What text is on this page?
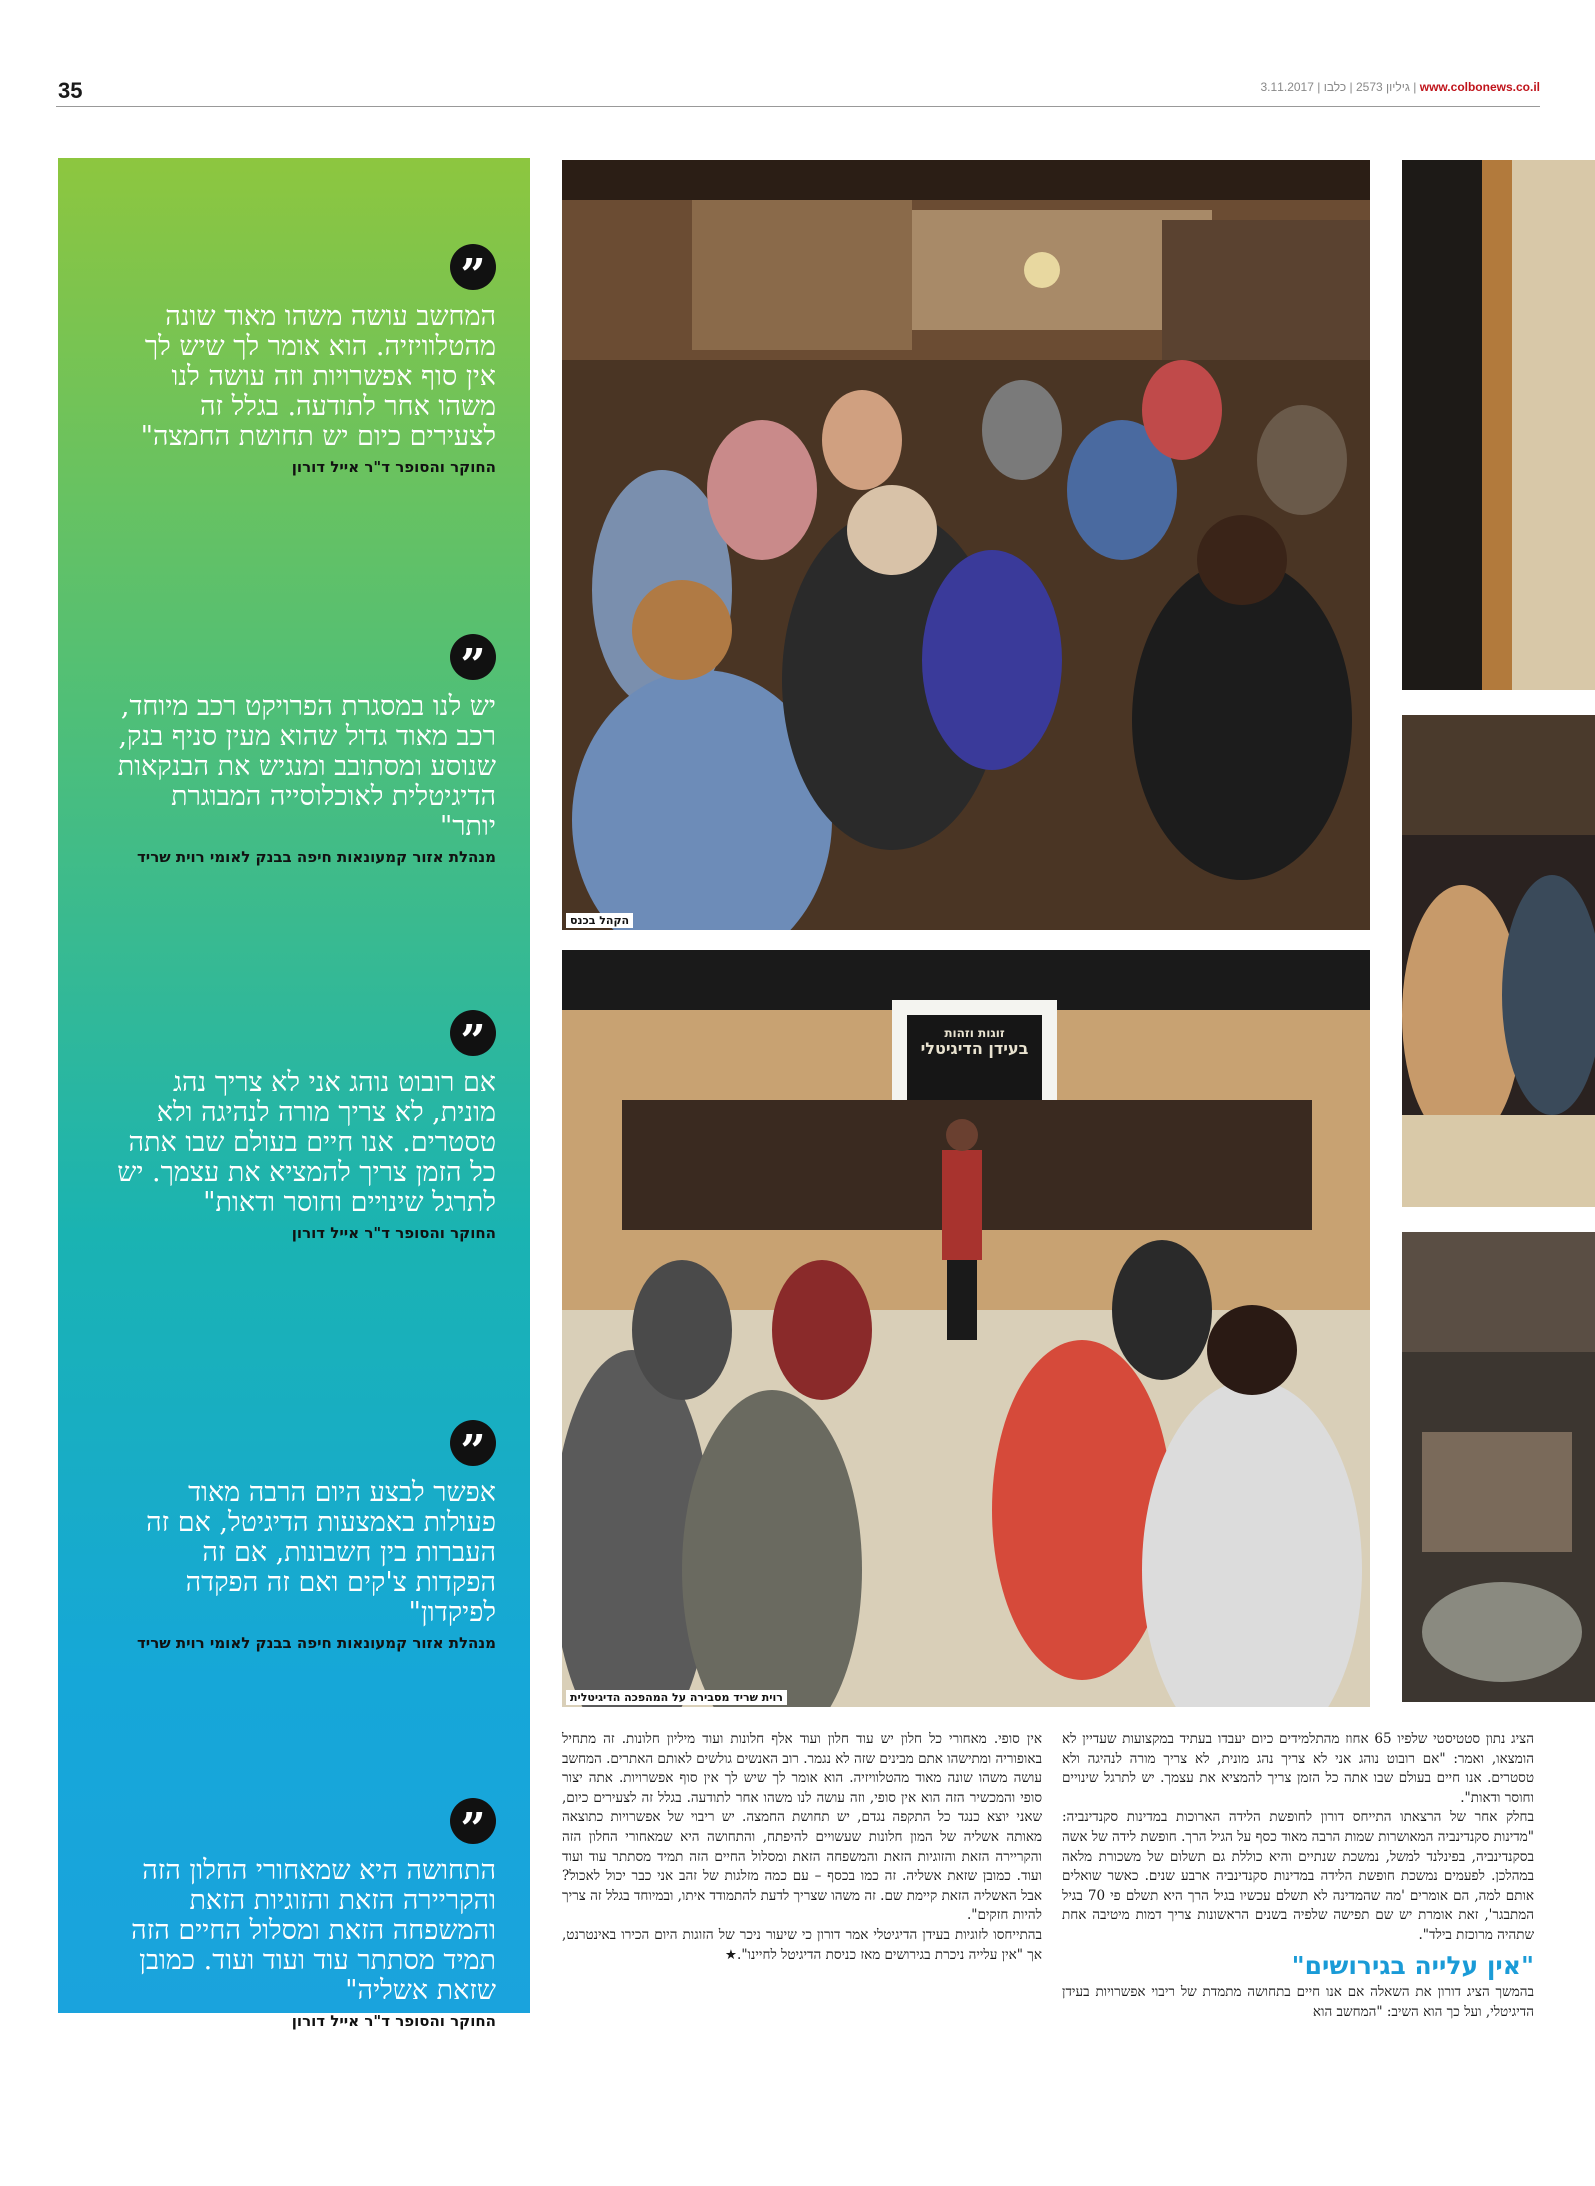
35	3.11.2017 |	גיליון 2573 | כלבו	| www.colbonews.co.il
”
המחשב עושה משהו מאוד שונה מהטלוויזיה. הוא אומר לך שיש לך אין סוף אפשרויות וזה עושה לנו משהו אחר לתודעה. בגלל זה לצעירים כיום יש תחושת החמצה"
החוקר והסופר ד"ר אייל דורון
”
יש לנו במסגרת הפרויקט רכב מיוחד, רכב מאוד גדול שהוא מעין סניף בנק, שנוסע ומסתובב ומנגיש את הבנקאות הדיגיטלית לאוכלוסייה המבוגרת יותר"
מנהלת אזור קמעונאות חיפה בבנק לאומי רוית שריד
”
אם רובוט נוהג אני לא צריך נהג מונית, לא צריך מורה לנהיגה ולא טסטרים. אנו חיים בעולם שבו אתה כל הזמן צריך להמציא את עצמך. יש לתרגל שינויים וחוסר ודאות"
החוקר והסופר ד"ר אייל דורון
”
אפשר לבצע היום הרבה מאוד פעולות באמצעות הדיגיטל, אם זה העברות בין חשבונות, אם זה הפקדות צ'קים ואם זה הפקדה לפיקדון"
מנהלת אזור קמעונאות חיפה בבנק לאומי רוית שריד
”
התחושה היא שמאחורי החלון הזה והקריירה הזאת והזוגיות הזאת והמשפחה הזאת ומסלול החיים הזה תמיד מסתתר עוד ועוד ועוד. כמובן שזאת אשליה"
החוקר והסופר ד"ר אייל דורון
הקהל בכנס
זוגות וזהות
בעידן הדיגיטלי
רוית שריד מסבירה על המהפכה הדיגיטלית

הציג נתון סטטיסטי שלפיו 65 אחוז מהתלמידים כיום יעבדו בעתיד במקצועות שעדיין לא הומצאו, ואמר: "אם רובוט נוהג אני לא צריך נהג מונית, לא צריך מורה לנהיגה ולא טסטרים. אנו חיים בעולם שבו אתה כל הזמן צריך להמציא את עצמך. יש לתרגל שינויים וחוסר ודאות".

בחלק אחר של הרצאתו התייחס דורון לחופשת הלידה הארוכות במדינות סקנדינביה: "מדינות סקנדינביה המאושרות שמות הרבה מאוד כסף על הגיל הרך. חופשת לידה של אשה בסקנדינביה, בפינלנד למשל, נמשכת שנתיים והיא כוללת גם תשלום של משכורת מלאה במהלכן. לפעמים נמשכת חופשת הלידה במדינות סקנדינביה ארבע שנים. כאשר שואלים אותם למה, הם אומרים 'מה שהמדינה לא תשלם עכשיו בגיל הרך היא תשלם פי 70 בגיל המתבגר', זאת אומרת יש שם תפישה שלפיה בשנים הראשונות צריך דמות מיטיבה אחת שתהיה מרוכזת בילד".

"אין עלייה בגירושים"

בהמשך הציג דורון את השאלה אם אנו חיים בתחושה מתמדת של ריבוי אפשרויות בעידן הדיגיטלי, ועל כך הוא השיב: "המחשב הוא

אין סופי. מאחורי כל חלון יש עוד חלון ועוד אלף חלונות ועוד מיליון חלונות. זה מתחיל באופוריה ומתישהו אתם מבינים שזה לא נגמר. רוב האנשים גולשים לאותם האתרים. המחשב עושה משהו שונה מאוד מהטלוויזיה. הוא אומר לך שיש לך אין סוף אפשרויות. אתה יצור סופי והמכשיר הזה הוא אין סופי, וזה עושה לנו משהו אחר לתודעה. בגלל זה לצעירים כיום, שאני יוצא כנגד כל התקפה נגדם, יש תחושת החמצה. יש ריבוי של אפשרויות כתוצאה מאותה אשליה של המון חלונות שעשויים להיפתח, והתחושה היא שמאחורי החלון הזה והקריירה הזאת והזוגיות הזאת והמשפחה הזאת ומסלול החיים הזה תמיד מסתתר עוד ועוד ועוד. כמובן שזאת אשליה. זה כמו בכסף – עם כמה מזלגות של זהב אני כבר יכול לאכול? אבל האשליה הזאת קיימת שם. זה משהו שצריך לדעת להתמודד איתו, ובמיוחד בגלל זה צריך להיות חזקים".

בהתייחסו לזוגיות בעידן הדיגיטלי אמר דורון כי שיעור ניכר של הזוגות היום הכירו באינטרנט, אך "אין עלייה ניכרת בגירושים מאז כניסת הדיגיטל לחיינו".★
